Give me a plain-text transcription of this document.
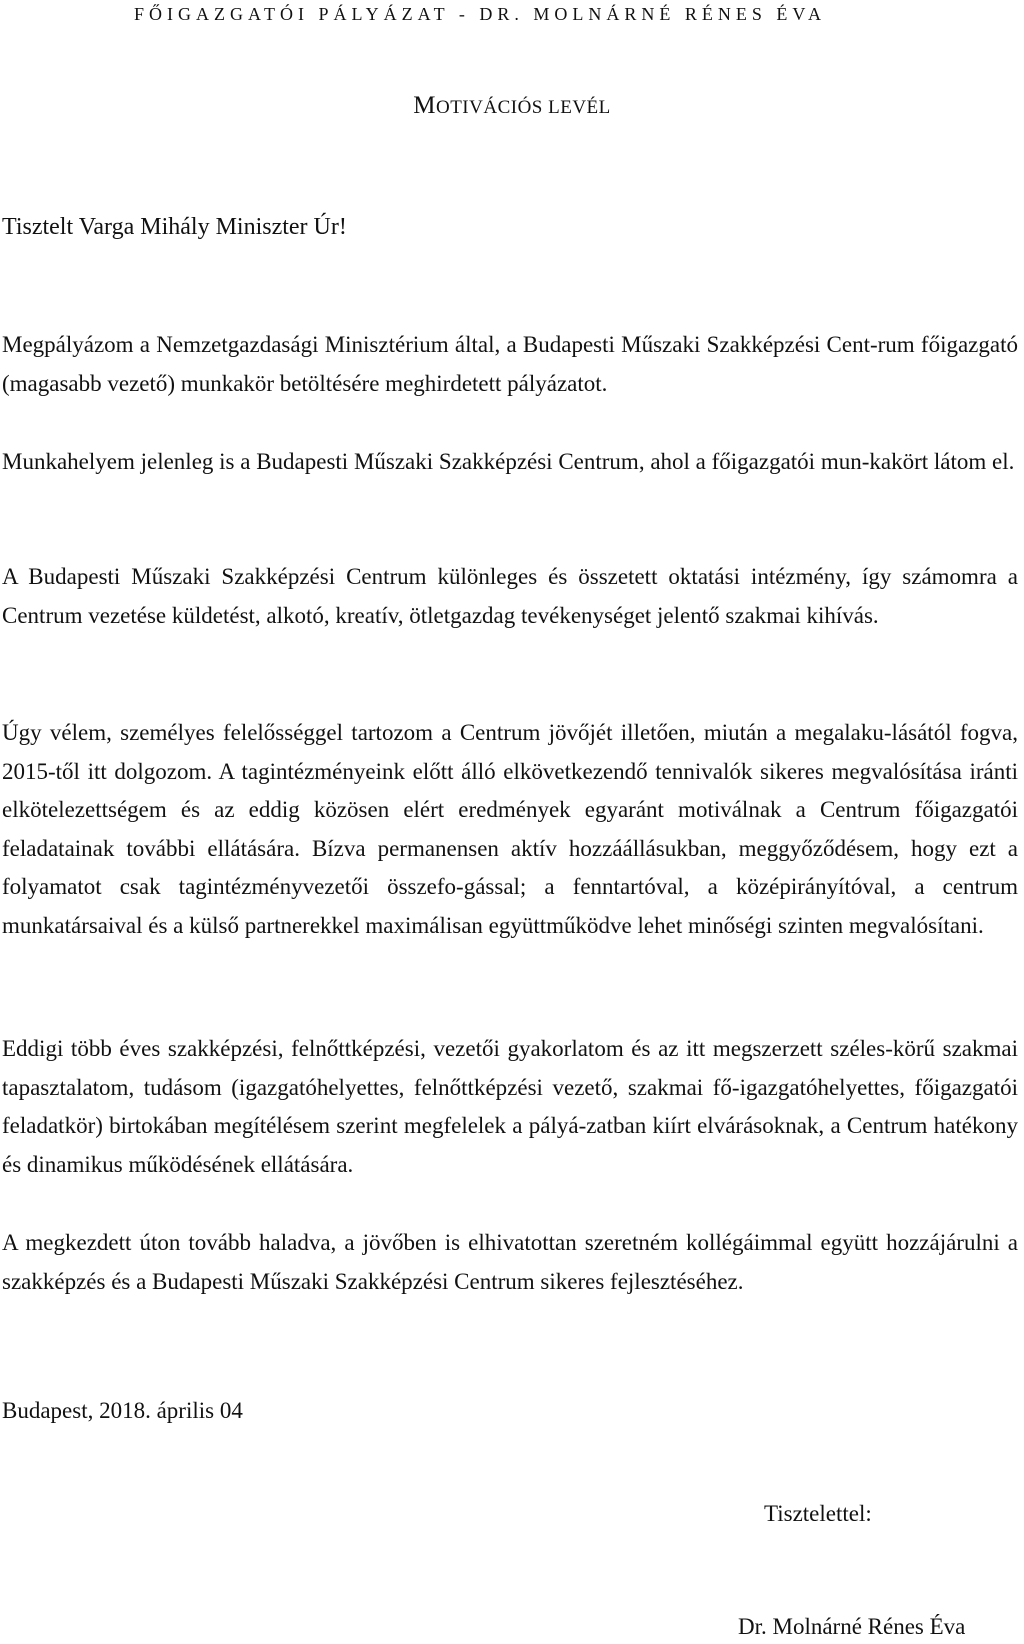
FŐIGAZGATÓI PÁLYÁZAT - DR. MOLNÁRNÉ RÉNES ÉVA
MOTIVÁCIÓS LEVÉL
Tisztelt Varga Mihály Miniszter Úr!

Megpályázom a Nemzetgazdasági Minisztérium által, a Budapesti Műszaki Szakképzési Cent-rum főigazgató (magasabb vezető) munkakör betöltésére meghirdetett pályázatot.

Munkahelyem jelenleg is a Budapesti Műszaki Szakképzési Centrum, ahol a főigazgatói mun-kakört látom el.

A Budapesti Műszaki Szakképzési Centrum különleges és összetett oktatási intézmény, így számomra a Centrum vezetése küldetést, alkotó, kreatív, ötletgazdag tevékenységet jelentő szakmai kihívás.

Úgy vélem, személyes felelősséggel tartozom a Centrum jövőjét illetően, miután a megalaku-lásától fogva, 2015-től itt dolgozom. A tagintézményeink előtt álló elkövetkezendő tennivalók sikeres megvalósítása iránti elkötelezettségem és az eddig közösen elért eredmények egyaránt motiválnak a Centrum főigazgatói feladatainak további ellátására. Bízva permanensen aktív hozzáállásukban, meggyőződésem, hogy ezt a folyamatot csak tagintézményvezetői összefo-gással; a fenntartóval, a középirányítóval, a centrum munkatársaival és a külső partnerekkel maximálisan együttműködve lehet minőségi szinten megvalósítani.

Eddigi több éves szakképzési, felnőttképzési, vezetői gyakorlatom és az itt megszerzett széles-körű szakmai tapasztalatom, tudásom (igazgatóhelyettes, felnőttképzési vezető, szakmai fő-igazgatóhelyettes, főigazgatói feladatkör) birtokában megítélésem szerint megfelelek a pályá-zatban kiírt elvárásoknak, a Centrum hatékony és dinamikus működésének ellátására.

A megkezdett úton tovább haladva, a jövőben is elhivatottan szeretném kollégáimmal együtt hozzájárulni a szakképzés és a Budapesti Műszaki Szakképzési Centrum sikeres fejlesztéséhez.

Budapest, 2018. április 04
Tisztelettel:
Dr. Molnárné Rénes Éva
